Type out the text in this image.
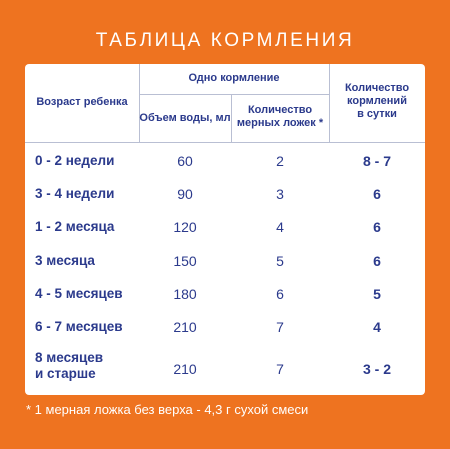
ТАБЛИЦА КОРМЛЕНИЯ
Возраст ребенка
Одно кормление
Объем воды, мл
Количество
мерных ложек *
Количество
кормлений
в сутки
0 - 2 недели	60	2	8 - 7
3 - 4 недели	90	3	6
1 - 2 месяца	120	4	6
3 месяца	150	5	6
4 - 5 месяцев	180	6	5
6 - 7 месяцев	210	7	4
8 месяцев
и старше	210	7	3 - 2
* 1 мерная ложка без верха - 4,3 г сухой смеси
